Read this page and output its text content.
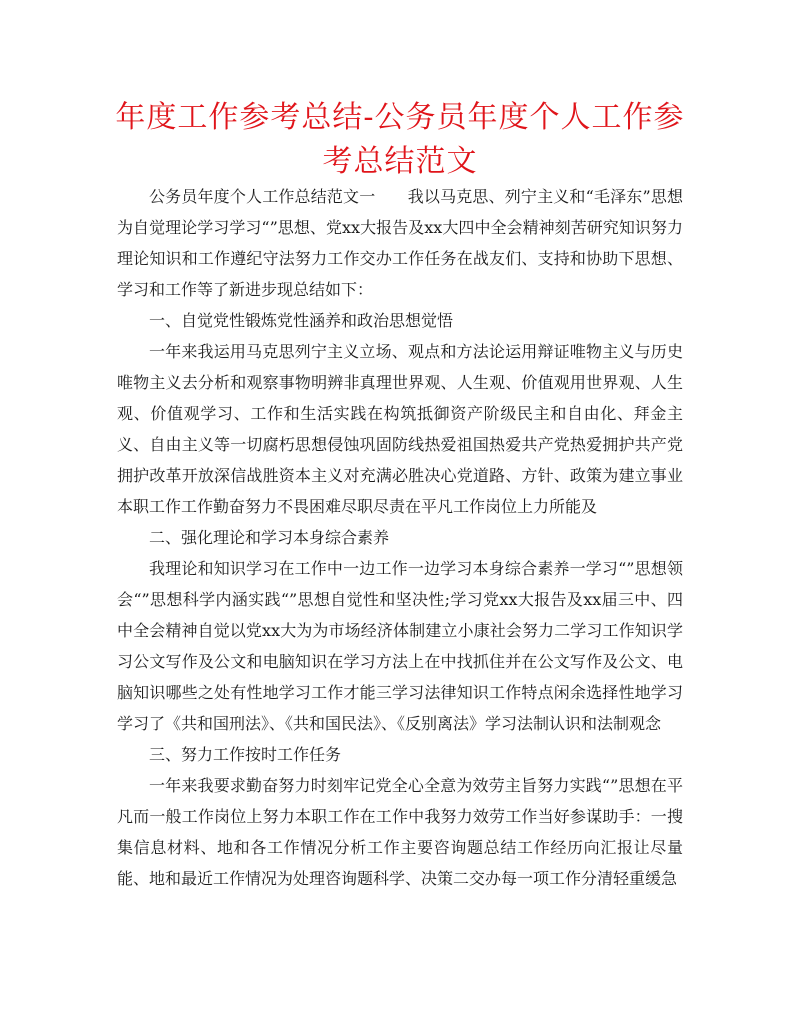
年度工作参考总结-公务员年度个人工作参考总结范文

公务员年度个人工作总结范文一　　我以马克思、列宁主义和“毛泽东”思想为自觉理论学习学习“”思想、党xx大报告及xx大四中全会精神刻苦研究知识努力理论知识和工作遵纪守法努力工作交办工作任务在战友们、支持和协助下思想、学习和工作等了新进步现总结如下：

一、自觉党性锻炼党性涵养和政治思想觉悟

一年来我运用马克思列宁主义立场、观点和方法论运用辩证唯物主义与历史唯物主义去分析和观察事物明辨非真理世界观、人生观、价值观用世界观、人生观、价值观学习、工作和生活实践在构筑抵御资产阶级民主和自由化、拜金主义、自由主义等一切腐朽思想侵蚀巩固防线热爱祖国热爱共产党热爱拥护共产党拥护改革开放深信战胜资本主义对充满必胜决心党道路、方针、政策为建立事业本职工作工作勤奋努力不畏困难尽职尽责在平凡工作岗位上力所能及

二、强化理论和学习本身综合素养

我理论和知识学习在工作中一边工作一边学习本身综合素养一学习“”思想领会“”思想科学内涵实践“”思想自觉性和坚决性;学习党xx大报告及xx届三中、四中全会精神自觉以党xx大为为市场经济体制建立小康社会努力二学习工作知识学习公文写作及公文和电脑知识在学习方法上在中找抓住并在公文写作及公文、电脑知识哪些之处有性地学习工作才能三学习法律知识工作特点闲余选择性地学习学习了《共和国刑法》、《共和国民法》、《反别离法》学习法制认识和法制观念

三、努力工作按时工作任务

一年来我要求勤奋努力时刻牢记党全心全意为效劳主旨努力实践“”思想在平凡而一般工作岗位上努力本职工作在工作中我努力效劳工作当好参谋助手：一搜集信息材料、地和各工作情况分析工作主要咨询题总结工作经历向汇报让尽量能、地和最近工作情况为处理咨询题科学、决策二交办每一项工作分清轻重缓急
